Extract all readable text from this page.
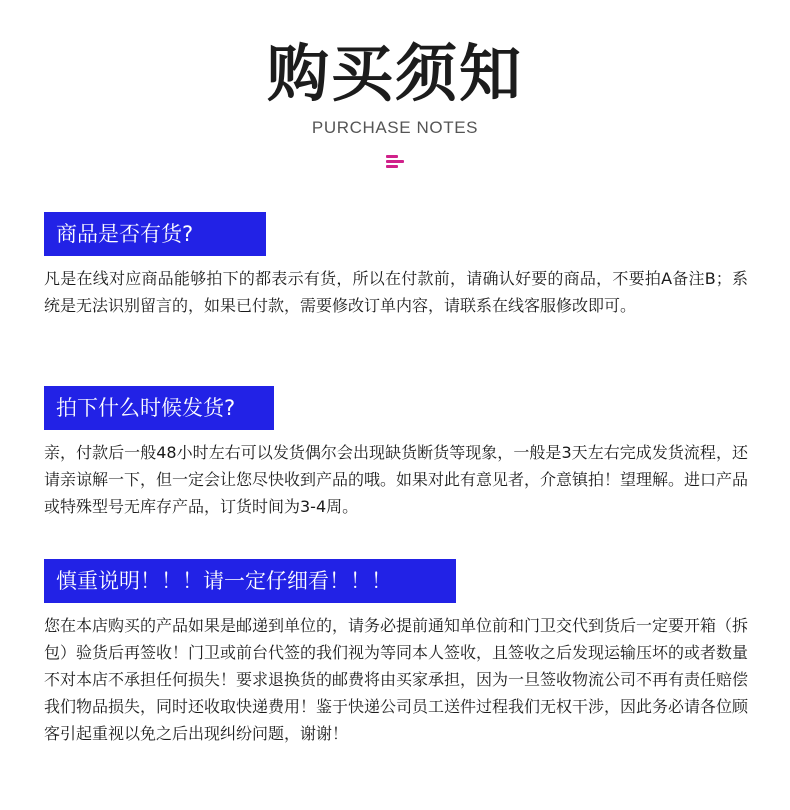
购买须知
PURCHASE NOTES
商品是否有货?

凡是在线对应商品能够拍下的都表示有货，所以在付款前，请确认好要的商品，不要拍A备注B；系统是无法识别留言的，如果已付款，需要修改订单内容，请联系在线客服修改即可。

拍下什么时候发货?

亲，付款后一般48小时左右可以发货偶尔会出现缺货断货等现象，一般是3天左右完成发货流程，还请亲谅解一下，但一定会让您尽快收到产品的哦。如果对此有意见者，介意镇拍！望理解。进口产品或特殊型号无库存产品，订货时间为3-4周。

慎重说明！！！请一定仔细看！！！

您在本店购买的产品如果是邮递到单位的，请务必提前通知单位前和门卫交代到货后一定要开箱（拆包）验货后再签收！门卫或前台代签的我们视为等同本人签收，且签收之后发现运输压坏的或者数量不对本店不承担任何损失！要求退换货的邮费将由买家承担，因为一旦签收物流公司不再有责任赔偿我们物品损失，同时还收取快递费用！鉴于快递公司员工送件过程我们无权干涉，因此务必请各位顾客引起重视以免之后出现纠纷问题，谢谢！
